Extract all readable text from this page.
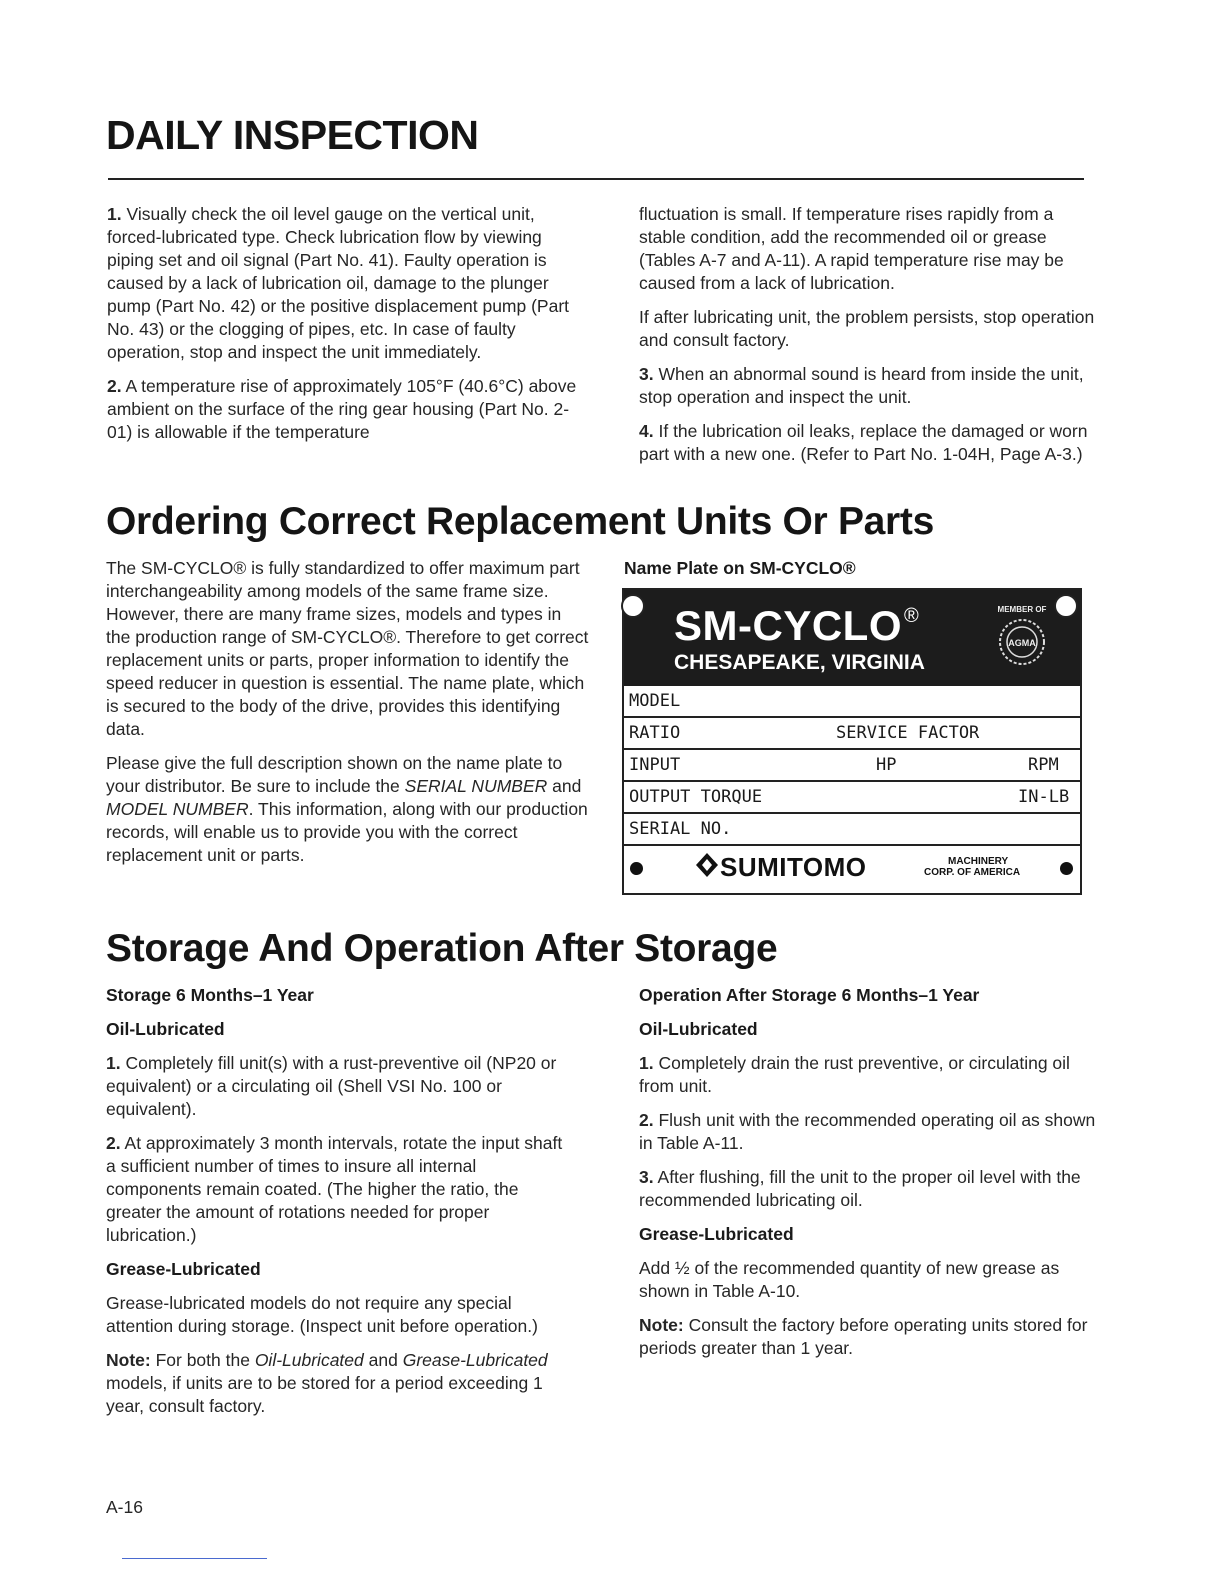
DAILY INSPECTION

1. Visually check the oil level gauge on the vertical unit, forced-lubricated type. Check lubrication flow by viewing piping set and oil signal (Part No. 41). Faulty operation is caused by a lack of lubrication oil, damage to the plunger pump (Part No. 42) or the positive displacement pump (Part No. 43) or the clogging of pipes, etc. In case of faulty operation, stop and inspect the unit immediately.

2. A temperature rise of approximately 105°F (40.6°C) above ambient on the surface of the ring gear housing (Part No. 2-01) is allowable if the temperature

fluctuation is small. If temperature rises rapidly from a stable condition, add the recommended oil or grease (Tables A-7 and A-11). A rapid temperature rise may be caused from a lack of lubrication.

If after lubricating unit, the problem persists, stop operation and consult factory.

3. When an abnormal sound is heard from inside the unit, stop operation and inspect the unit.

4. If the lubrication oil leaks, replace the damaged or worn part with a new one. (Refer to Part No. 1-04H, Page A-3.)

Ordering Correct Replacement Units Or Parts

The SM-CYCLO® is fully standardized to offer maximum part interchangeability among models of the same frame size. However, there are many frame sizes, models and types in the production range of SM-CYCLO®. Therefore to get correct replacement units or parts, proper information to identify the speed reducer in question is essential. The name plate, which is secured to the body of the drive, provides this identifying data.

Please give the full description shown on the name plate to your distributor. Be sure to include the SERIAL NUMBER and MODEL NUMBER. This information, along with our production records, will enable us to provide you with the correct replacement unit or parts.

Name Plate on SM-CYCLO®
SM-CYCLO ®
CHESAPEAKE, VIRGINIA
AGMA
MEMBER OF
MODEL
RATIO	SERVICE FACTOR
INPUT	HP	RPM
OUTPUT TORQUE	IN-LB
SERIAL NO.
SUMITOMO	MACHINERY
CORP. OF AMERICA
Storage And Operation After Storage

Storage 6 Months–1 Year

Oil-Lubricated

1. Completely fill unit(s) with a rust-preventive oil (NP20 or equivalent) or a circulating oil (Shell VSI No. 100 or equivalent).

2. At approximately 3 month intervals, rotate the input shaft a sufficient number of times to insure all internal components remain coated. (The higher the ratio, the greater the amount of rotations needed for proper lubrication.)

Grease-Lubricated

Grease-lubricated models do not require any special attention during storage. (Inspect unit before operation.)

Note: For both the Oil-Lubricated and Grease-Lubricated models, if units are to be stored for a period exceeding 1 year, consult factory.

Operation After Storage 6 Months–1 Year

Oil-Lubricated

1. Completely drain the rust preventive, or circulating oil from unit.

2. Flush unit with the recommended operating oil as shown in Table A-11.

3. After flushing, fill the unit to the proper oil level with the recommended lubricating oil.

Grease-Lubricated

Add ½ of the recommended quantity of new grease as shown in Table A-10.

Note: Consult the factory before operating units stored for periods greater than 1 year.

A-16
